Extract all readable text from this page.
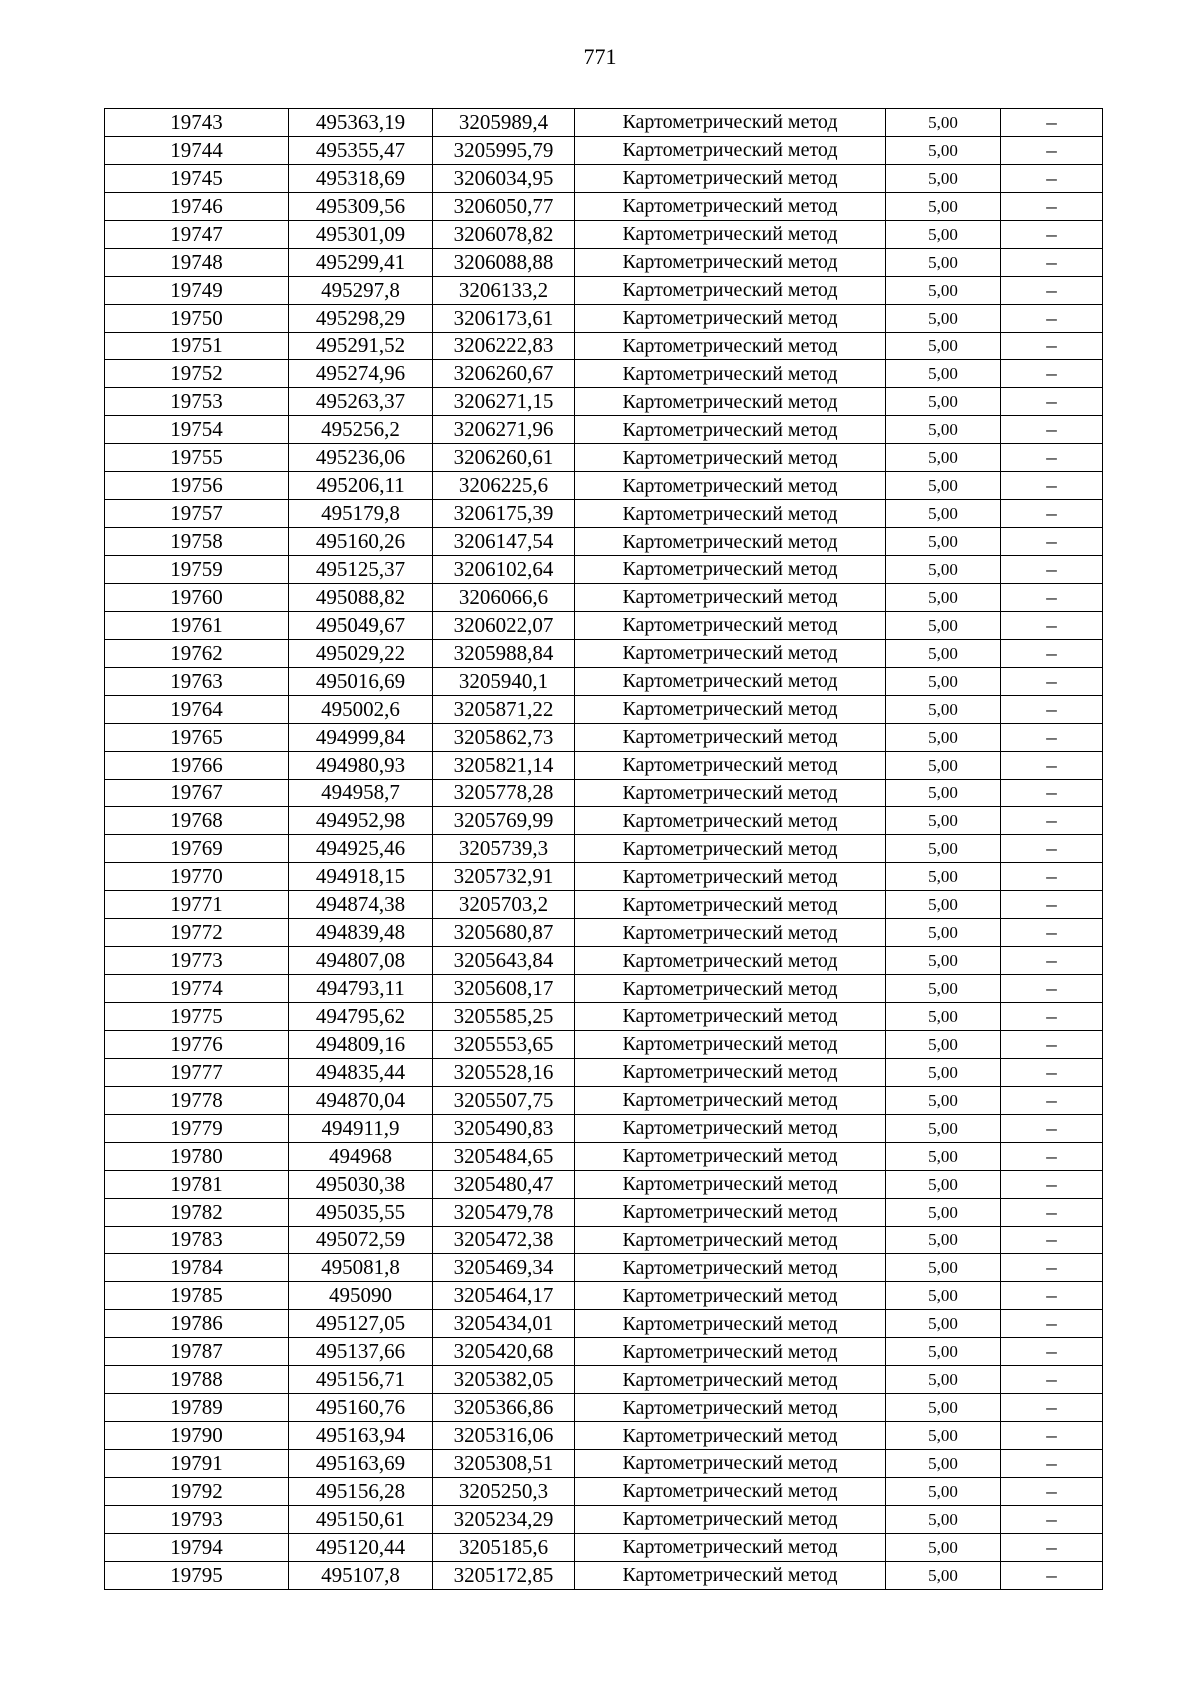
771
19743	495363,19	3205989,4	Картометрический метод	5,00	–
19744	495355,47	3205995,79	Картометрический метод	5,00	–
19745	495318,69	3206034,95	Картометрический метод	5,00	–
19746	495309,56	3206050,77	Картометрический метод	5,00	–
19747	495301,09	3206078,82	Картометрический метод	5,00	–
19748	495299,41	3206088,88	Картометрический метод	5,00	–
19749	495297,8	3206133,2	Картометрический метод	5,00	–
19750	495298,29	3206173,61	Картометрический метод	5,00	–
19751	495291,52	3206222,83	Картометрический метод	5,00	–
19752	495274,96	3206260,67	Картометрический метод	5,00	–
19753	495263,37	3206271,15	Картометрический метод	5,00	–
19754	495256,2	3206271,96	Картометрический метод	5,00	–
19755	495236,06	3206260,61	Картометрический метод	5,00	–
19756	495206,11	3206225,6	Картометрический метод	5,00	–
19757	495179,8	3206175,39	Картометрический метод	5,00	–
19758	495160,26	3206147,54	Картометрический метод	5,00	–
19759	495125,37	3206102,64	Картометрический метод	5,00	–
19760	495088,82	3206066,6	Картометрический метод	5,00	–
19761	495049,67	3206022,07	Картометрический метод	5,00	–
19762	495029,22	3205988,84	Картометрический метод	5,00	–
19763	495016,69	3205940,1	Картометрический метод	5,00	–
19764	495002,6	3205871,22	Картометрический метод	5,00	–
19765	494999,84	3205862,73	Картометрический метод	5,00	–
19766	494980,93	3205821,14	Картометрический метод	5,00	–
19767	494958,7	3205778,28	Картометрический метод	5,00	–
19768	494952,98	3205769,99	Картометрический метод	5,00	–
19769	494925,46	3205739,3	Картометрический метод	5,00	–
19770	494918,15	3205732,91	Картометрический метод	5,00	–
19771	494874,38	3205703,2	Картометрический метод	5,00	–
19772	494839,48	3205680,87	Картометрический метод	5,00	–
19773	494807,08	3205643,84	Картометрический метод	5,00	–
19774	494793,11	3205608,17	Картометрический метод	5,00	–
19775	494795,62	3205585,25	Картометрический метод	5,00	–
19776	494809,16	3205553,65	Картометрический метод	5,00	–
19777	494835,44	3205528,16	Картометрический метод	5,00	–
19778	494870,04	3205507,75	Картометрический метод	5,00	–
19779	494911,9	3205490,83	Картометрический метод	5,00	–
19780	494968	3205484,65	Картометрический метод	5,00	–
19781	495030,38	3205480,47	Картометрический метод	5,00	–
19782	495035,55	3205479,78	Картометрический метод	5,00	–
19783	495072,59	3205472,38	Картометрический метод	5,00	–
19784	495081,8	3205469,34	Картометрический метод	5,00	–
19785	495090	3205464,17	Картометрический метод	5,00	–
19786	495127,05	3205434,01	Картометрический метод	5,00	–
19787	495137,66	3205420,68	Картометрический метод	5,00	–
19788	495156,71	3205382,05	Картометрический метод	5,00	–
19789	495160,76	3205366,86	Картометрический метод	5,00	–
19790	495163,94	3205316,06	Картометрический метод	5,00	–
19791	495163,69	3205308,51	Картометрический метод	5,00	–
19792	495156,28	3205250,3	Картометрический метод	5,00	–
19793	495150,61	3205234,29	Картометрический метод	5,00	–
19794	495120,44	3205185,6	Картометрический метод	5,00	–
19795	495107,8	3205172,85	Картометрический метод	5,00	–
